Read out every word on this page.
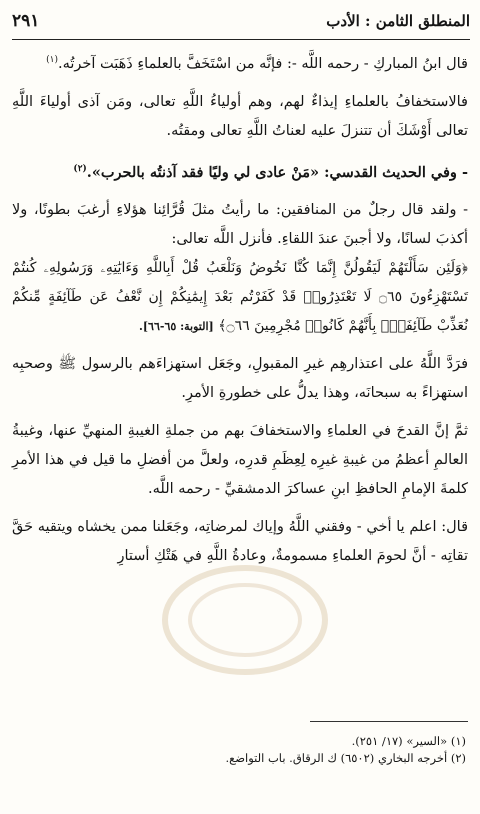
المنطلق الثامن : الأدب
٢٩١

قال ابنُ المباركِ - رحمه اللَّه -: فإنَّه من اسْتَخَفَّ بالعلماءِ ذَهَبَت آخرتُه.$^{(١)}$

فالاستخفافُ بالعلماءِ إيذاءٌ لهم، وهم أولياءُ اللَّهِ تعالى، ومَن آذى أولياءَ اللَّهِ تعالى أَوْشَكَ أن تتنزلَ عليه لعناتُ اللَّهِ تعالى ومقتُه.

- وفي الحديث القدسي: «مَنْ عادى لي وليًا فقد آذنتُه بالحرب».$^{(٢)}$

- ولقد قال رجلٌ من المنافقين: ما رأيتُ مثلَ قُرَّائِنا هؤلاءِ أرغبَ بطونًا، ولا أكذبَ لسانًا، ولا أجبنَ عندَ اللقاءِ. فأنزل اللَّه تعالى:

﴿وَلَئِن سَأَلْتَهُمْ لَيَقُولُنَّ إِنَّمَا كُنَّا نَخُوضُ وَنَلْعَبُ قُلْ أَبِاللَّهِ وَءَايَٰتِهِۦ وَرَسُولِهِۦ كُنتُمْ تَسْتَهْزِءُونَ ۝٦٥ لَا تَعْتَذِرُوا۟ قَدْ كَفَرْتُم بَعْدَ إِيمَٰنِكُمْ إِن نَّعْفُ عَن طَآئِفَةٍ مِّنكُمْ نُعَذِّبْ طَآئِفَةًۢ بِأَنَّهُمْ كَانُوا۟ مُجْرِمِينَ ۝٦٦﴾ [التوبة: ٦٥-٦٦].

فرَدَّ اللَّهُ على اعتذارهِم غيرِ المقبولِ، وجَعَل استهزاءَهم بالرسول ﷺ وصحبِه استهزاءً به سبحانَه، وهذا يدلُّ على خطورةِ الأمرِ.

ثمَّ إنَّ القدحَ في العلماءِ والاستخفافَ بهم من جملةِ الغيبةِ المنهيِّ عنها، وغيبةُ العالمِ أعظمُ من غيبةِ غيرِه لِعِظَمِ قدرِه، ولعلَّ من أفضلِ ما قيل في هذا الأمرِ كلمةَ الإمامِ الحافظِ ابنِ عساكرَ الدمشقيِّ - رحمه اللَّه.

قال: اعلم يا أخي - وفقني اللَّهُ وإياك لمرضاتِه، وجَعَلنا ممن يخشاه ويتقيه حَقَّ تقاتِه - أنَّ لحومَ العلماءِ مسمومةٌ، وعادةُ اللَّهِ في هَتْكِ أستارِ

(١) «السير» (١٧/ ٢٥١).
(٢) أخرجه البخاري (٦٥٠٢) ك الرقاق. باب التواضع.
